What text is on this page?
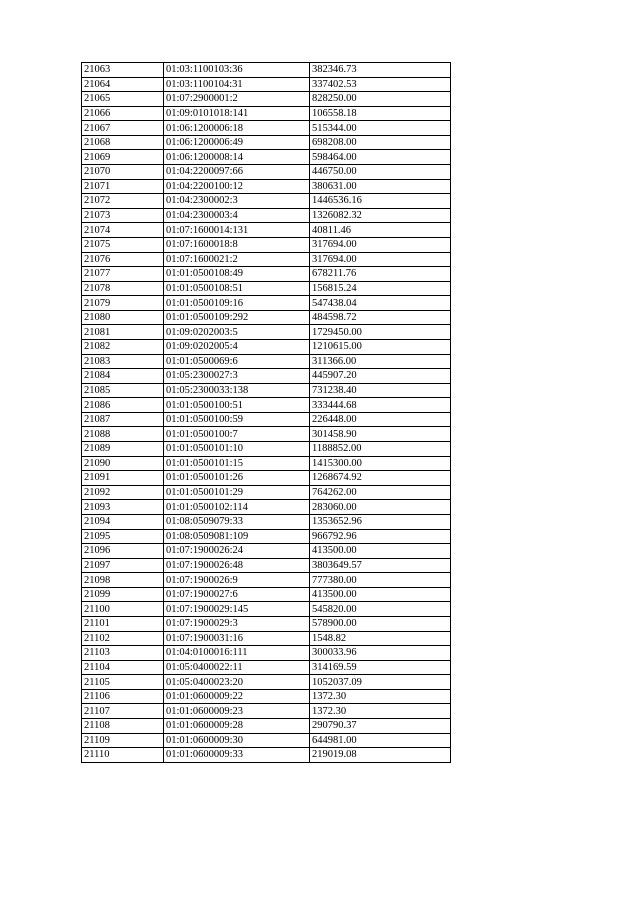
21063	01:03:1100103:36	382346.73
21064	01:03:1100104:31	337402.53
21065	01:07:2900001:2	828250.00
21066	01:09:0101018:141	106558.18
21067	01:06:1200006:18	515344.00
21068	01:06:1200006:49	698208.00
21069	01:06:1200008:14	598464.00
21070	01:04:2200097:66	446750.00
21071	01:04:2200100:12	380631.00
21072	01:04:2300002:3	1446536.16
21073	01:04:2300003:4	1326082.32
21074	01:07:1600014:131	40811.46
21075	01:07:1600018:8	317694.00
21076	01:07:1600021:2	317694.00
21077	01:01:0500108:49	678211.76
21078	01:01:0500108:51	156815.24
21079	01:01:0500109:16	547438.04
21080	01:01:0500109:292	484598.72
21081	01:09:0202003:5	1729450.00
21082	01:09:0202005:4	1210615.00
21083	01:01:0500069:6	311366.00
21084	01:05:2300027:3	445907.20
21085	01:05:2300033:138	731238.40
21086	01:01:0500100:51	333444.68
21087	01:01:0500100:59	226448.00
21088	01:01:0500100:7	301458.90
21089	01:01:0500101:10	1188852.00
21090	01:01:0500101:15	1415300.00
21091	01:01:0500101:26	1268674.92
21092	01:01:0500101:29	764262.00
21093	01:01:0500102:114	283060.00
21094	01:08:0509079:33	1353652.96
21095	01:08:0509081:109	966792.96
21096	01:07:1900026:24	413500.00
21097	01:07:1900026:48	3803649.57
21098	01:07:1900026:9	777380.00
21099	01:07:1900027:6	413500.00
21100	01:07:1900029:145	545820.00
21101	01:07:1900029:3	578900.00
21102	01:07:1900031:16	1548.82
21103	01:04:0100016:111	300033.96
21104	01:05:0400022:11	314169.59
21105	01:05:0400023:20	1052037.09
21106	01:01:0600009:22	1372.30
21107	01:01:0600009:23	1372.30
21108	01:01:0600009:28	290790.37
21109	01:01:0600009:30	644981.00
21110	01:01:0600009:33	219019.08
